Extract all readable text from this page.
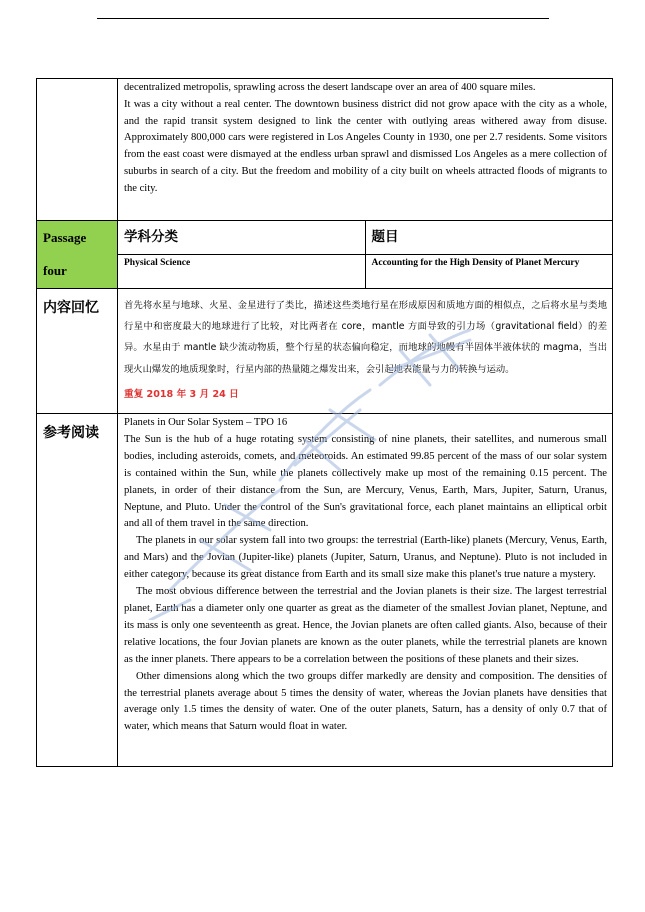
	decentralized metropolis, sprawling across the desert landscape over an area of 400 square miles.

It was a city without a real center. The downtown business district did not grow apace with the city as a whole, and the rapid transit system designed to link the center with outlying areas withered away from disuse. Approximately 800,000 cars were registered in Los Angeles County in 1930, one per 2.7 residents. Some visitors from the east coast were dismayed at the endless urban sprawl and dismissed Los Angeles as a mere collection of suburbs in search of a city. But the freedom and mobility of a city built on wheels attracted floods of migrants to the city.	

Passage
four	学科分类	题目

	Physical Science	Accounting for the High Density of Planet Mercury

内容回忆	首先将水星与地球、火星、金星进行了类比，描述这些类地行星在形成原因和质地方面的相似点，之后将水星与类地行星中和密度最大的地球进行了比较，对比两者在 core，mantle 方面导致的引力场（gravitational field）的差异。水星由于 mantle 缺少流动物质，整个行星的状态偏向稳定，而地球的地幔有半固体半液体状的 magma，当出现火山爆发的地质现象时，行星内部的热量随之爆发出来，会引起地表能量与力的转换与运动。
重复 2018 年 3 月 24 日	

参考阅读	Planets in Our Solar System – TPO 16

The Sun is the hub of a huge rotating system consisting of nine planets, their satellites, and numerous small bodies, including asteroids, comets, and meteoroids. An estimated 99.85 percent of the mass of our solar system is contained within the Sun, while the planets collectively make up most of the remaining 0.15 percent. The planets, in order of their distance from the Sun, are Mercury, Venus, Earth, Mars, Jupiter, Saturn, Uranus, Neptune, and Pluto. Under the control of the Sun's gravitational force, each planet maintains an elliptical orbit and all of them travel in the same direction.

The planets in our solar system fall into two groups: the terrestrial (Earth-like) planets (Mercury, Venus, Earth, and Mars) and the Jovian (Jupiter-like) planets (Jupiter, Saturn, Uranus, and Neptune). Pluto is not included in either category, because its great distance from Earth and its small size make this planet's true nature a mystery.

The most obvious difference between the terrestrial and the Jovian planets is their size. The largest terrestrial planet, Earth has a diameter only one quarter as great as the diameter of the smallest Jovian planet, Neptune, and its mass is only one seventeenth as great. Hence, the Jovian planets are often called giants. Also, because of their relative locations, the four Jovian planets are known as the outer planets, while the terrestrial planets are known as the inner planets. There appears to be a correlation between the positions of these planets and their sizes.

Other dimensions along which the two groups differ markedly are density and composition. The densities of the terrestrial planets average about 5 times the density of water, whereas the Jovian planets have densities that average only 1.5 times the density of water. One of the outer planets, Saturn, has a density of only 0.7 that of water, which means that Saturn would float in water.	
